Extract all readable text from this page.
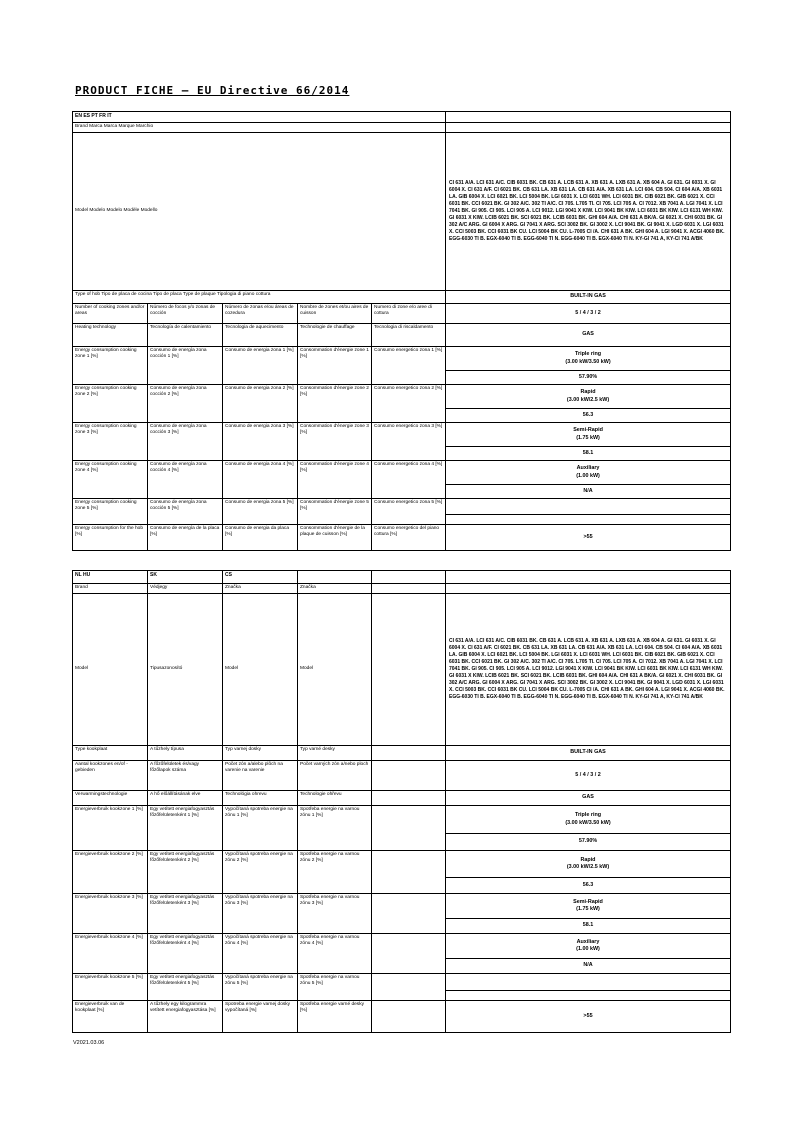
PRODUCT FICHE – EU Directive 66/2014
EN ES PT FR IT					
Brand Marca Marca Marque Marchio					
Model Modelo Modelo Modèle Modello					CI 631 A/A. LCI 631 A/C. CIB 6031 BK. CB 631 A. LCB 631 A. XB 631 A. LXB 631 A. XB 604 A. GI 631. GI 6031 X. GI 6004 X. CI 631 A/F. CI 6021 BK. CB 631 LA. XB 631 LA. CB 631 A/A. XB 631 LA. LCI 604. CB 504. CI 604 A/A. XB 6031 LA. GIB 6004 X. LCI 6021 BK. LCI 5004 BK. LGI 6031 X. LCI 6031 WH. LCI 6031 BK. CIB 6021 BK. GIB 6021 X. CCI 6031 BK. CCI 6021 BK. GI 302 A/C. 302 TI A/C. CI 705. L705 TI. CI 705. LCI 705 A. CI 7012. XB 7041 A. LGI 7041 X. LCI 7041 BK. GI 905. CI 905. LCI 905 A. LCI 9012. LGI 9041 X KIW. LCI 9041 BK KIW. LCI 6031 BK KIW. LCI 6131 WH KIW. GI 6031 X KIW. LCIB 6021 BK. SCI 6021 BK. LCIB 6031 BK. GHI 604 A/A. CHI 631 A BK/A. GI 6021 X. CHI 6031 BK. GI 302 A/C ARG. GI 6004 X ARG. GI 7041 X ARG. SCI 3002 BK. GI 3002 X. LCI 9041 BK. GI 9041 X. LGD 6031 X. LGI 6031 X. CCI 5003 BK. CCI 6031 BK CU. LCI 5004 BK CU. L-7005 CI /A. CHI 631 A BK. GHI 604 A. LGI 9041 X. ACGI 4060 BK. EGG-6030 TI B. EGX-6040 TI B. EGG-6040 TI N. EGG-6040 TI B. EGX-6040 TI N. KY-GI 741 A, KY-CI 741 A/BK
Type of hob Tipo de placa de cocina Tipo de placa Type de plaque Tipologia di piano cottura					BUILT-IN GAS
Number of cooking zones and/or areas	Número de focos y/o zonas de cocción	Número de zonas e/ou áreas de cozedura	Nombre de zones et/ou aires de cuisson	Numero di zone e/o aree di cottura	5 / 4 / 3 / 2
Heating technology	Tecnología de calentamiento	Tecnologia de aquecimento	Technologie de chauffage	Tecnologia di riscaldamento	GAS
Energy consumption cooking zone 1 [%]	Consumo de energía zona cocción 1 [%]	Consumo de energia zona 1 [%]	Consommation d'énergie zone 1 [%]	Consumo energetico zona 1 [%]	Triple ring
(3.00 kW/3.50 kW)

					57.90%
Energy consumption cooking zone 2 [%]	Consumo de energía zona cocción 2 [%]	Consumo de energia zona 2 [%]	Consommation d'énergie zone 2 [%]	Consumo energetico zona 2 [%]	Rapid
(3.00 kW/2.5 kW)

					56.3
Energy consumption cooking zone 3 [%]	Consumo de energía zona cocción 3 [%]	Consumo de energia zona 3 [%]	Consommation d'énergie zone 3 [%]	Consumo energetico zona 3 [%]	Semi-Rapid
(1.75 kW)

					58.1
Energy consumption cooking zone 4 [%]	Consumo de energía zona cocción 4 [%]	Consumo de energia zona 4 [%]	Consommation d'énergie zone 4 [%]	Consumo energetico zona 4 [%]	Auxiliary
(1.00 kW)

					N/A
Energy consumption cooking zone 5 [%]	Consumo de energía zona cocción 5 [%]	Consumo de energia zona 5 [%]	Consommation d'énergie zone 5 [%]	Consumo energetico zona 5 [%]	

Energy consumption for the hob [%]	Consumo de energía de la placa [%]	Consumo de energia da placa [%]	Consommation d'énergie de la plaque de cuisson [%]	Consumo energetico del piano cottura [%]	>55
NL HU	SK	CS			
Brand	Védjegy	Značka	Značka		
Model	Tipusazonosító	Model	Model		CI 631 A/A. LCI 631 A/C. CIB 6031 BK. CB 631 A. LCB 631 A. XB 631 A. LXB 631 A. XB 604 A. GI 631. GI 6031 X. GI 6004 X. CI 631 A/F. CI 6021 BK. CB 631 LA. XB 631 LA. CB 631 A/A. XB 631 LA. LCI 604. CB 504. CI 604 A/A. XB 6031 LA. GIB 6004 X. LCI 6021 BK. LCI 5004 BK. LGI 6031 X. LCI 6031 WH. LCI 6031 BK. CIB 6021 BK. GIB 6021 X. CCI 6031 BK. CCI 6021 BK. GI 302 A/C. 302 TI A/C. CI 705. L705 TI. CI 705. LCI 705 A. CI 7012. XB 7041 A. LGI 7041 X. LCI 7041 BK. GI 905. CI 905. LCI 905 A. LCI 9012. LGI 9041 X KIW. LCI 9041 BK KIW. LCI 6031 BK KIW. LCI 6131 WH KIW. GI 6031 X KIW. LCIB 6021 BK. SCI 6021 BK. LCIB 6031 BK. GHI 604 A/A. CHI 631 A BK/A. GI 6021 X. CHI 6031 BK. GI 302 A/C ARG. GI 6004 X ARG. GI 7041 X ARG. SCI 3002 BK. GI 3002 X. LCI 9041 BK. GI 9041 X. LGD 6031 X. LGI 6031 X. CCI 5003 BK. CCI 6031 BK CU. LCI 5004 BK CU. L-7005 CI /A. CHI 631 A BK. GHI 604 A. LGI 9041 X. ACGI 4060 BK. EGG-6030 TI B. EGX-6040 TI B. EGG-6040 TI N. EGG-6040 TI B. EGX-6040 TI N. KY-GI 741 A, KY-CI 741 A/BK
Type kookplaat	A tűzhely típusa	Typ varnej dosky	Typ varné desky		BUILT-IN GAS
Aantal kookzones en/of -gebieden	A főzőfelületek és/vagy főzőlapok száma	Počet zón a/alebo plôch na varenie na varenie	Počet varných zón a/nebo ploch		5 / 4 / 3 / 2
Verwarmingstechnologie	A hő előállításának elve	Technológia ohrevu	Technologie ohřevu		GAS
Energieverbruik kookzone 1 [%]	Egy vetített energiafogyasztás főzőfelületenként 1 [%]	Vypočítaná spotreba energie na zónu 1 [%]	Spotřeba energie na varnou zónu 1 [%]		Triple ring
(3.00 kW/3.50 kW)

					57.90%
Energieverbruik kookzone 2 [%]	Egy vetített energiafogyasztás főzőfelületenként 2 [%]	Vypočítaná spotreba energie na zónu 2 [%]	Spotřeba energie na varnou zónu 2 [%]		Rapid
(3.00 kW/2.5 kW)

					56.3
Energieverbruik kookzone 3 [%]	Egy vetített energiafogyasztás főzőfelületenként 3 [%]	Vypočítaná spotreba energie na zónu 3 [%]	Spotřeba energie na varnou zónu 3 [%]		Semi-Rapid
(1.75 kW)

					58.1
Energieverbruik kookzone 4 [%]	Egy vetített energiafogyasztás főzőfelületenként 4 [%]	Vypočítaná spotreba energie na zónu 4 [%]	Spotřeba energie na varnou zónu 4 [%]		Auxiliary
(1.00 kW)

					N/A
Energieverbruik kookzone 5 [%]	Egy vetített energiafogyasztás főzőfelületenként 5 [%]	Vypočítaná spotreba energie na zónu 5 [%]	Spotřeba energie na varnou zónu 5 [%]		

Energieverbruik van de kookplaat [%]	A tűzhely egy kilogrammra vetített energiafogyasztása [%]	Spotreba energie varnej dosky vypočítaná [%]	Spotřeba energie varné desky [%]		>55
V2021.03.06
